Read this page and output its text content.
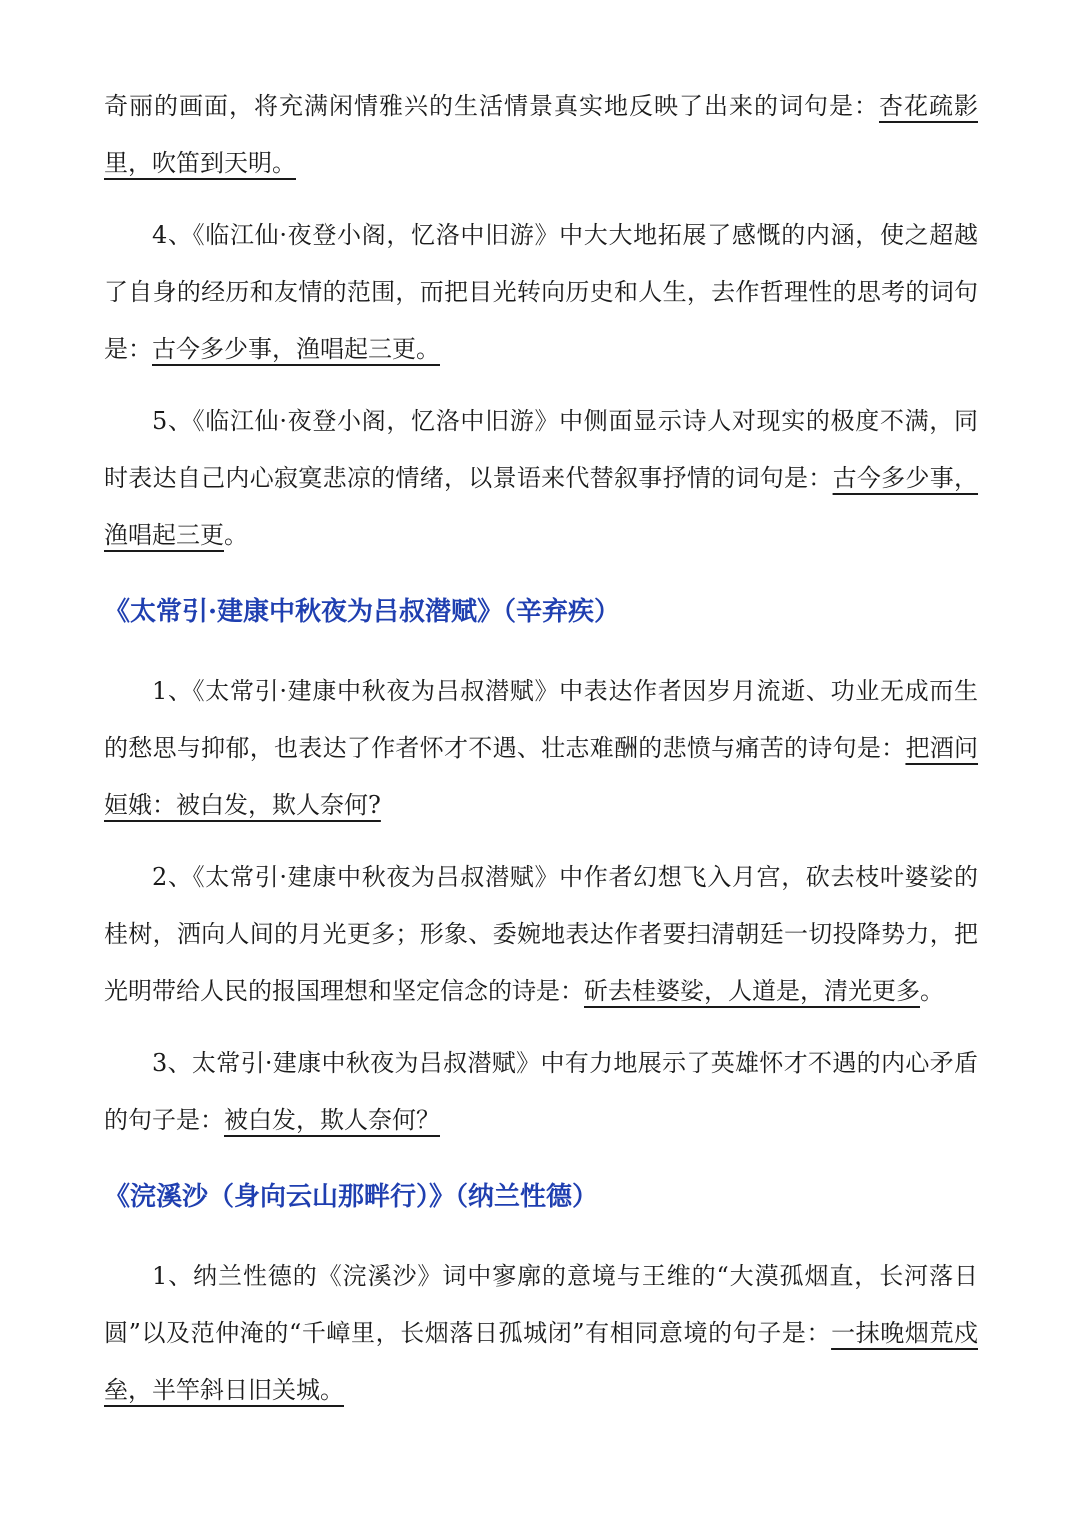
奇丽的画面，将充满闲情雅兴的生活情景真实地反映了出来的词句是：杏花疏影里，吹笛到天明。

4、《临江仙·夜登小阁，忆洛中旧游》中大大地拓展了感慨的内涵，使之超越了自身的经历和友情的范围，而把目光转向历史和人生，去作哲理性的思考的词句是：古今多少事，渔唱起三更。

5、《临江仙·夜登小阁，忆洛中旧游》中侧面显示诗人对现实的极度不满，同时表达自己内心寂寞悲凉的情绪，以景语来代替叙事抒情的词句是：古今多少事，渔唱起三更。

《太常引·建康中秋夜为吕叔潜赋》（辛弃疾）

1、《太常引·建康中秋夜为吕叔潜赋》中表达作者因岁月流逝、功业无成而生的愁思与抑郁，也表达了作者怀才不遇、壮志难酬的悲愤与痛苦的诗句是：把酒问姮娥：被白发，欺人奈何?

2、《太常引·建康中秋夜为吕叔潜赋》中作者幻想飞入月宫，砍去枝叶婆娑的桂树，洒向人间的月光更多；形象、委婉地表达作者要扫清朝廷一切投降势力，把光明带给人民的报国理想和坚定信念的诗是：斫去桂婆娑，人道是，清光更多。

3、太常引·建康中秋夜为吕叔潜赋》中有力地展示了英雄怀才不遇的内心矛盾的句子是：被白发，欺人奈何？

《浣溪沙（身向云山那畔行）》（纳兰性德）

1、纳兰性德的《浣溪沙》词中寥廓的意境与王维的“大漠孤烟直，长河落日圆”以及范仲淹的“千嶂里，长烟落日孤城闭”有相同意境的句子是：一抹晚烟荒戍垒，半竿斜日旧关城。
